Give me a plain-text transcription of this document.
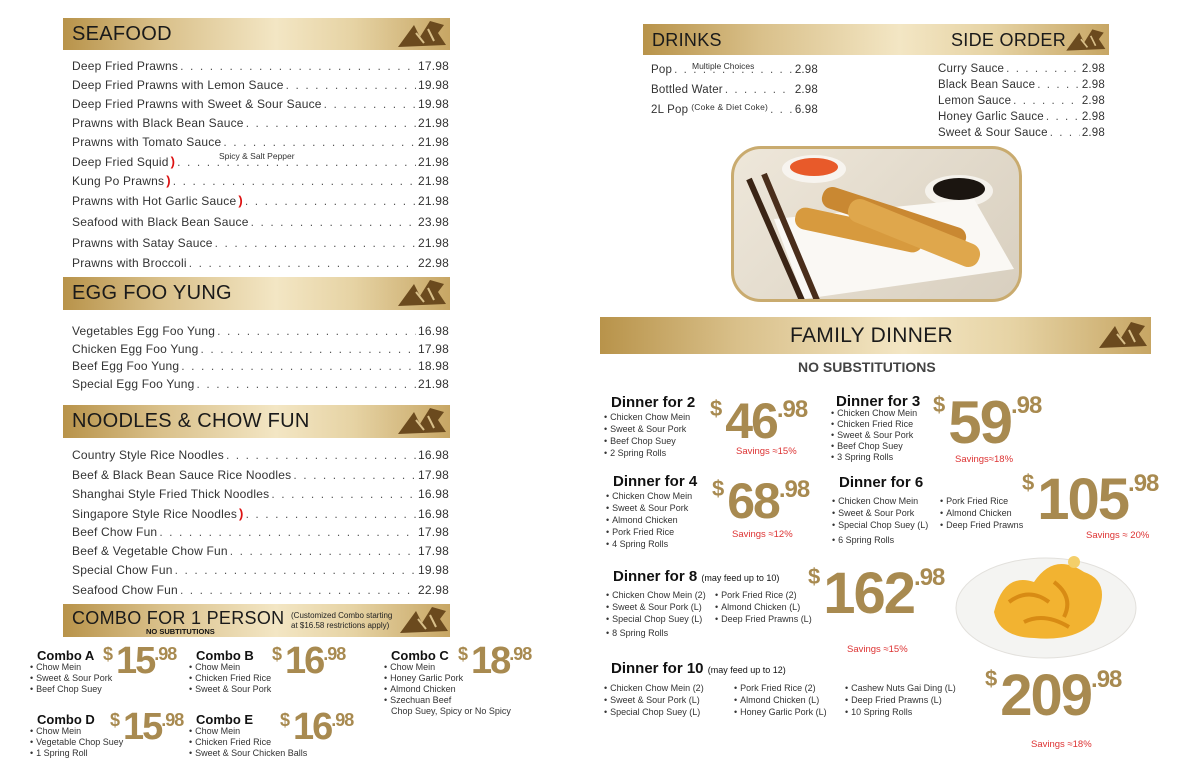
SEAFOOD
Deep Fried Prawns . . .	17.98
Deep Fried Prawns with Lemon Sauce . . .	19.98
Deep Fried Prawns with Sweet & Sour Sauce . . .	19.98
Prawns with Black Bean Sauce . . .	21.98
Prawns with Tomato Sauce . . .	21.98
Deep Fried Squid ) . . .	21.98
Spicy & Salt Pepper
Kung Po Prawns ) . . .	21.98
Prawns with Hot Garlic Sauce ) . . .	21.98
Seafood with Black Bean Sauce . . .	23.98
Prawns with Satay Sauce . . .	21.98
Prawns with Broccoli . . .	22.98
EGG FOO YUNG
Vegetables Egg Foo Yung . . .	16.98
Chicken Egg Foo Yung . . .	17.98
Beef Egg Foo Yung . . .	18.98
Special Egg Foo Yung . . .	21.98
NOODLES & CHOW FUN
Country Style Rice Noodles . . .	16.98
Beef & Black Bean Sauce Rice Noodles . . .	17.98
Shanghai Style Fried Thick Noodles . . .	16.98
Singapore Style Rice Noodles ) . . .	16.98
Beef Chow Fun . . .	17.98
Beef & Vegetable Chow Fun . . .	17.98
Special Chow Fun . . .	19.98
Seafood Chow Fun . . .	22.98
COMBO FOR 1 PERSON
NO SUBTITUTIONS
(Customized Combo starting
at $16.58 restrictions apply)
Combo A
• Chow Mein
• Sweet & Sour Pork
• Beef Chop Suey
$^{\$}15^{.98}$ Combo B
• Chow Mein
• Chicken Fried Rice
• Sweet & Sour Pork
$^{\$}16^{.98}$	Combo C
• Chow Mein
• Honey Garlic Pork
• Almond Chicken
• Szechuan Beef
Chop Suey, Spicy or No Spicy
$^{\$}18^{.98}$
Combo D
• Chow Mein
• Vegetable Chop Suey
• 1 Spring Roll
$^{\$}15^{.98}$ Combo E
• Chow Mein
• Chicken Fried Rice
• Sweet & Sour Chicken Balls
$^{\$}16^{.98}$
DRINKS	SIDE ORDER
Pop . . .	2.98
Multiple Choices
Bottled Water . . .	2.98
2L Pop (Coke & Diet Coke) . . . 6.98
Curry Sauce . . .	2.98
Black Bean Sauce . . .	2.98
Lemon Sauce . . .	2.98
Honey Garlic Sauce . . .	2.98
Sweet & Sour Sauce . . .	2.98
FAMILY DINNER
NO SUBSTITUTIONS
Dinner for 2
• Chicken Chow Mein
• Sweet & Sour Pork
• Beef Chop Suey
• 2 Spring Rolls
$^{\$}46^{.98}$
Savings ≈15%
Dinner for 3
• Chicken Chow Mein
• Chicken Fried Rice
• Sweet & Sour Pork
• Beef Chop Suey
• 3 Spring Rolls
$^{\$}59^{.98}$
Savings≈18%
Dinner for 4
• Chicken Chow Mein
• Sweet & Sour Pork
• Almond Chicken
• Pork Fried Rice
• 4 Spring Rolls
$^{\$}68^{.98}$
Savings ≈12%
Dinner for 6
• Chicken Chow Mein
• Sweet & Sour Pork
• Special Chop Suey (L)
• 6 Spring Rolls
• Pork Fried Rice
• Almond Chicken
• Deep Fried Prawns
$^{\$}105^{.98}$
Savings ≈ 20%
Dinner for 8 (may feed up to 10)
• Chicken Chow Mein (2)
• Sweet & Sour Pork (L)
• Special Chop Suey (L)
• 8 Spring Rolls
• Pork Fried Rice (2)
• Almond Chicken (L)
• Deep Fried Prawns (L)
$^{\$}162^{.98}$
Savings ≈15%
Dinner for 10 (may feed up to 12)
• Chicken Chow Mein (2)
• Sweet & Sour Pork (L)
• Special Chop Suey (L)
• Pork Fried Rice (2)
• Almond Chicken (L)
• Honey Garlic Pork (L)
• Cashew Nuts Gai Ding (L)
• Deep Fried Prawns (L)
• 10 Spring Rolls
$^{\$}209^{.98}$
Savings ≈18%
